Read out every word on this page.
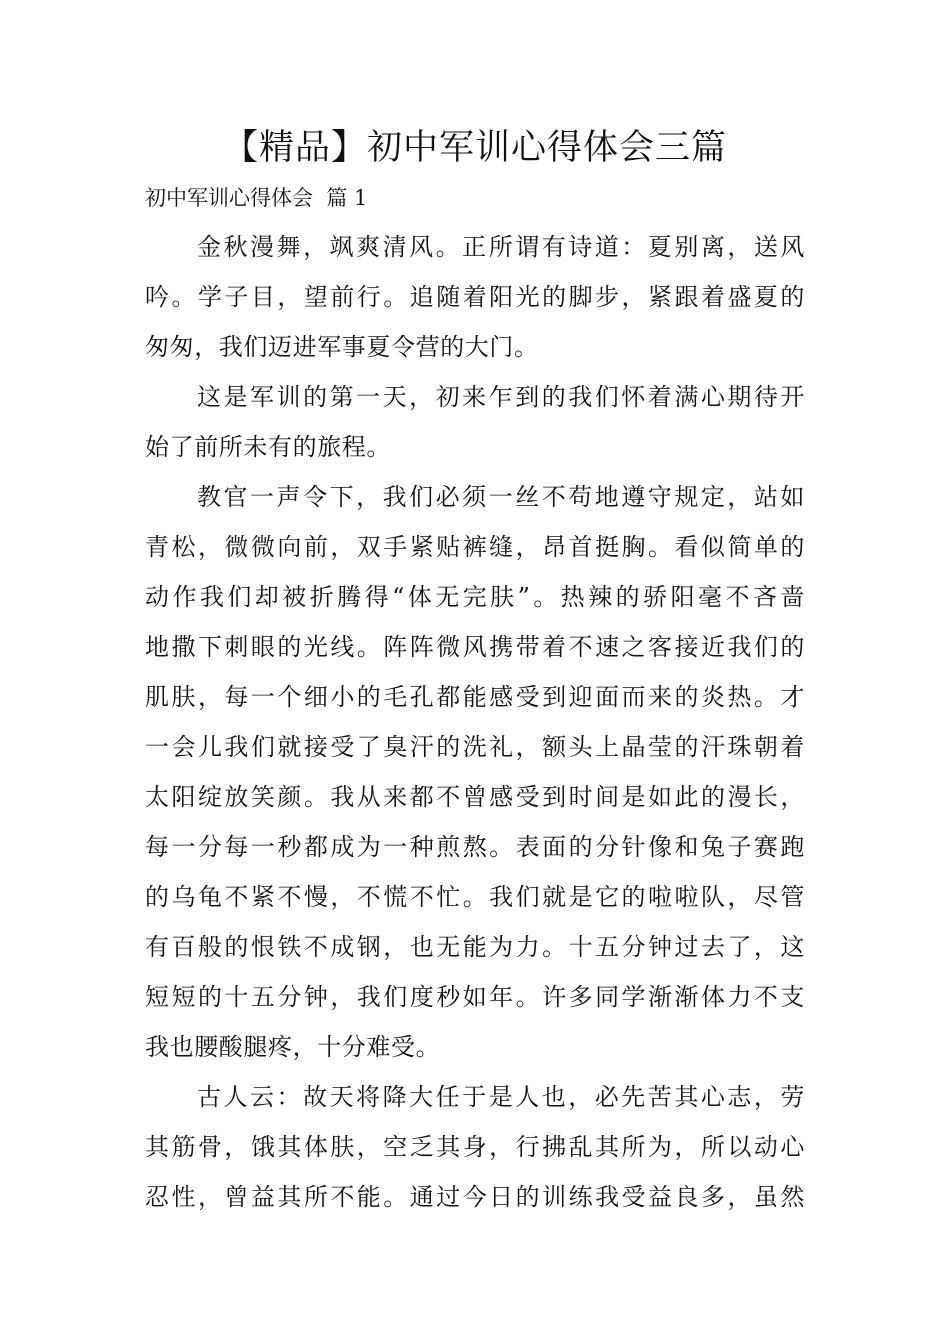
【精品】初中军训心得体会三篇
初中军训心得体会  篇 1
金秋漫舞，飒爽清风。正所谓有诗道：夏别离，送风
吟。学子目，望前行。追随着阳光的脚步，紧跟着盛夏的
匆匆，我们迈进军事夏令营的大门。
这是军训的第一天，初来乍到的我们怀着满心期待开
始了前所未有的旅程。
教官一声令下，我们必须一丝不苟地遵守规定，站如
青松，微微向前，双手紧贴裤缝，昂首挺胸。看似简单的
动作我们却被折腾得“体无完肤”。热辣的骄阳毫不吝啬
地撒下刺眼的光线。阵阵微风携带着不速之客接近我们的
肌肤，每一个细小的毛孔都能感受到迎面而来的炎热。才
一会儿我们就接受了臭汗的洗礼，额头上晶莹的汗珠朝着
太阳绽放笑颜。我从来都不曾感受到时间是如此的漫长，
每一分每一秒都成为一种煎熬。表面的分针像和兔子赛跑
的乌龟不紧不慢，不慌不忙。我们就是它的啦啦队，尽管
有百般的恨铁不成钢，也无能为力。十五分钟过去了，这
短短的十五分钟，我们度秒如年。许多同学渐渐体力不支
我也腰酸腿疼，十分难受。
古人云：故天将降大任于是人也，必先苦其心志，劳
其筋骨，饿其体肤，空乏其身，行拂乱其所为，所以动心
忍性，曾益其所不能。通过今日的训练我受益良多，虽然
